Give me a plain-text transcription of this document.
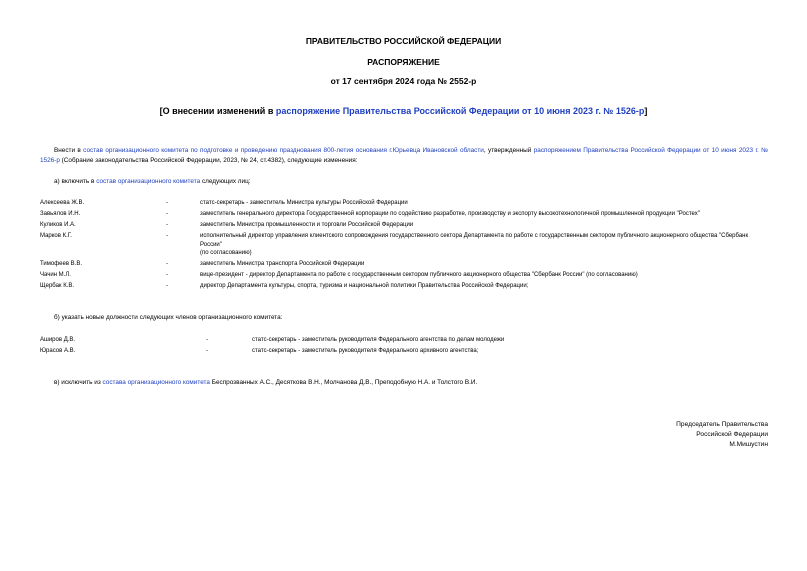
ПРАВИТЕЛЬСТВО РОССИЙСКОЙ ФЕДЕРАЦИИ
РАСПОРЯЖЕНИЕ
от 17 сентября 2024 года № 2552-р
[О внесении изменений в распоряжение Правительства Российской Федерации от 10 июня 2023 г. № 1526-р]
Внести в состав организационного комитета по подготовке и проведению празднования 800-летия основания г.Юрьевца Ивановской области, утвержденный распоряжением Правительства Российской Федерации от 10 июня 2023 г. № 1526-р (Собрание законодательства Российской Федерации, 2023, № 24, ст.4382), следующие изменения:
а) включить в состав организационного комитета следующих лиц:
Алексеева Ж.В.	-	статс-секретарь - заместитель Министра культуры Российской Федерации
Завьялов И.Н.	-	заместитель генерального директора Государственной корпорации по содействию разработке, производству и экспорту высокотехнологичной промышленной продукции "Ростех"
Куликов И.А.	-	заместитель Министра промышленности и торговли Российской Федерации
Марков К.Г.	-	исполнительный директор управления клиентского сопровождения государственного сектора Департамента по работе с государственным сектором публичного акционерного общества "Сбербанк России"
(по согласованию)
Тимофеев В.В.	-	заместитель Министра транспорта Российской Федерации
Чачин М.Л.	-	вице-президент - директор Департамента по работе с государственным сектором публичного акционерного общества "Сбербанк России" (по согласованию)
Щербак К.В.	-	директор Департамента культуры, спорта, туризма и национальной политики Правительства Российской Федерации;
б) указать новые должности следующих членов организационного комитета:
Аширов Д.В.	-	статс-секретарь - заместитель руководителя Федерального агентства по делам молодежи
Юрасов А.В.	-	статс-секретарь - заместитель руководителя Федерального архивного агентства;
в) исключить из состава организационного комитета Беспрозванных А.С., Десяткова В.Н., Молчанова Д.В., Преподобную Н.А. и Толстого В.И.
Председатель Правительства
Российской Федерации
М.Мишустин
